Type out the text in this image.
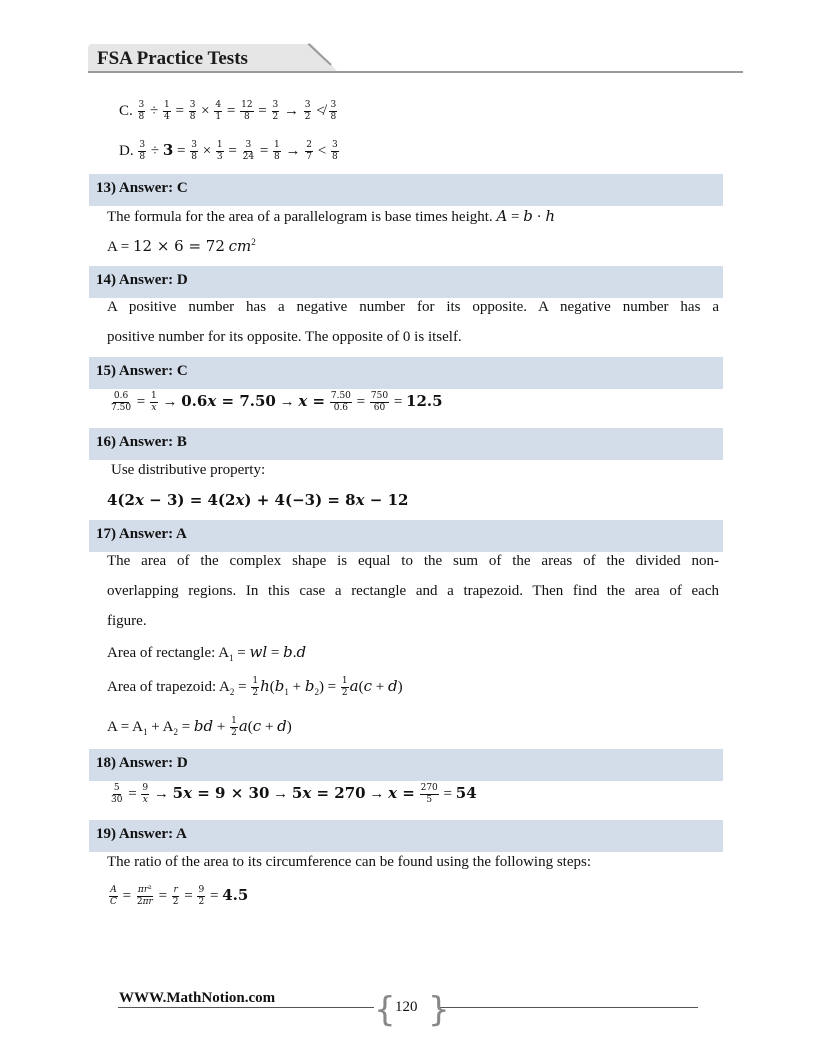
FSA Practice Tests
C. $\frac{3}{8} \div \frac{1}{4} = \frac{3}{8} \times \frac{4}{1} = \frac{12}{8} = \frac{3}{2} \to \frac{3}{2}$ ≮ $\frac{3}{8}$
D. $\frac{3}{8} \div 3 = \frac{3}{8} \times \frac{1}{3} = \frac{3}{24} = \frac{1}{8} \to \frac{2}{7} < \frac{3}{8}$
13) Answer: C
The formula for the area of a parallelogram is base times height. A = b · h
A = 12 × 6 = 72 $cm^2$
14) Answer: D
A positive number has a negative number for its opposite. A negative number has a
positive number for its opposite. The opposite of 0 is itself.
15) Answer: C
$\frac{0.6}{7.50} = \frac{1}{x} \to 0.6x = 7.50 \to x = \frac{7.50}{0.6} = \frac{750}{60} = 12.5$
16) Answer: B
Use distributive property:
4(2x − 3) = 4(2x) + 4(−3) = 8x − 12
17) Answer: A
The area of the complex shape is equal to the sum of the areas of the divided non-
overlapping regions. In this case a rectangle and a trapezoid. Then find the area of each
figure.
Area of rectangle: $A_1$ = wl = b.d
Area of trapezoid: $A_2 = \frac{1}{2} h(b_1 + b_2) = \frac{1}{2} a(c + d)$
$A = A_1 + A_2$ = bd + $\frac{1}{2} a(c + d)$
18) Answer: D
$\frac{5}{30} = \frac{9}{x} \to 5x = 9 \times 30 \to 5x = 270 \to x = \frac{270}{5} = 54$
19) Answer: A
The ratio of the area to its circumference can be found using the following steps:
$\frac{A}{C} = \frac{\text{πr²}}{2\pi r} = \frac{r}{2} = \frac{9}{2} = 4.5$
WWW.MathNotion.com	{ }
120
